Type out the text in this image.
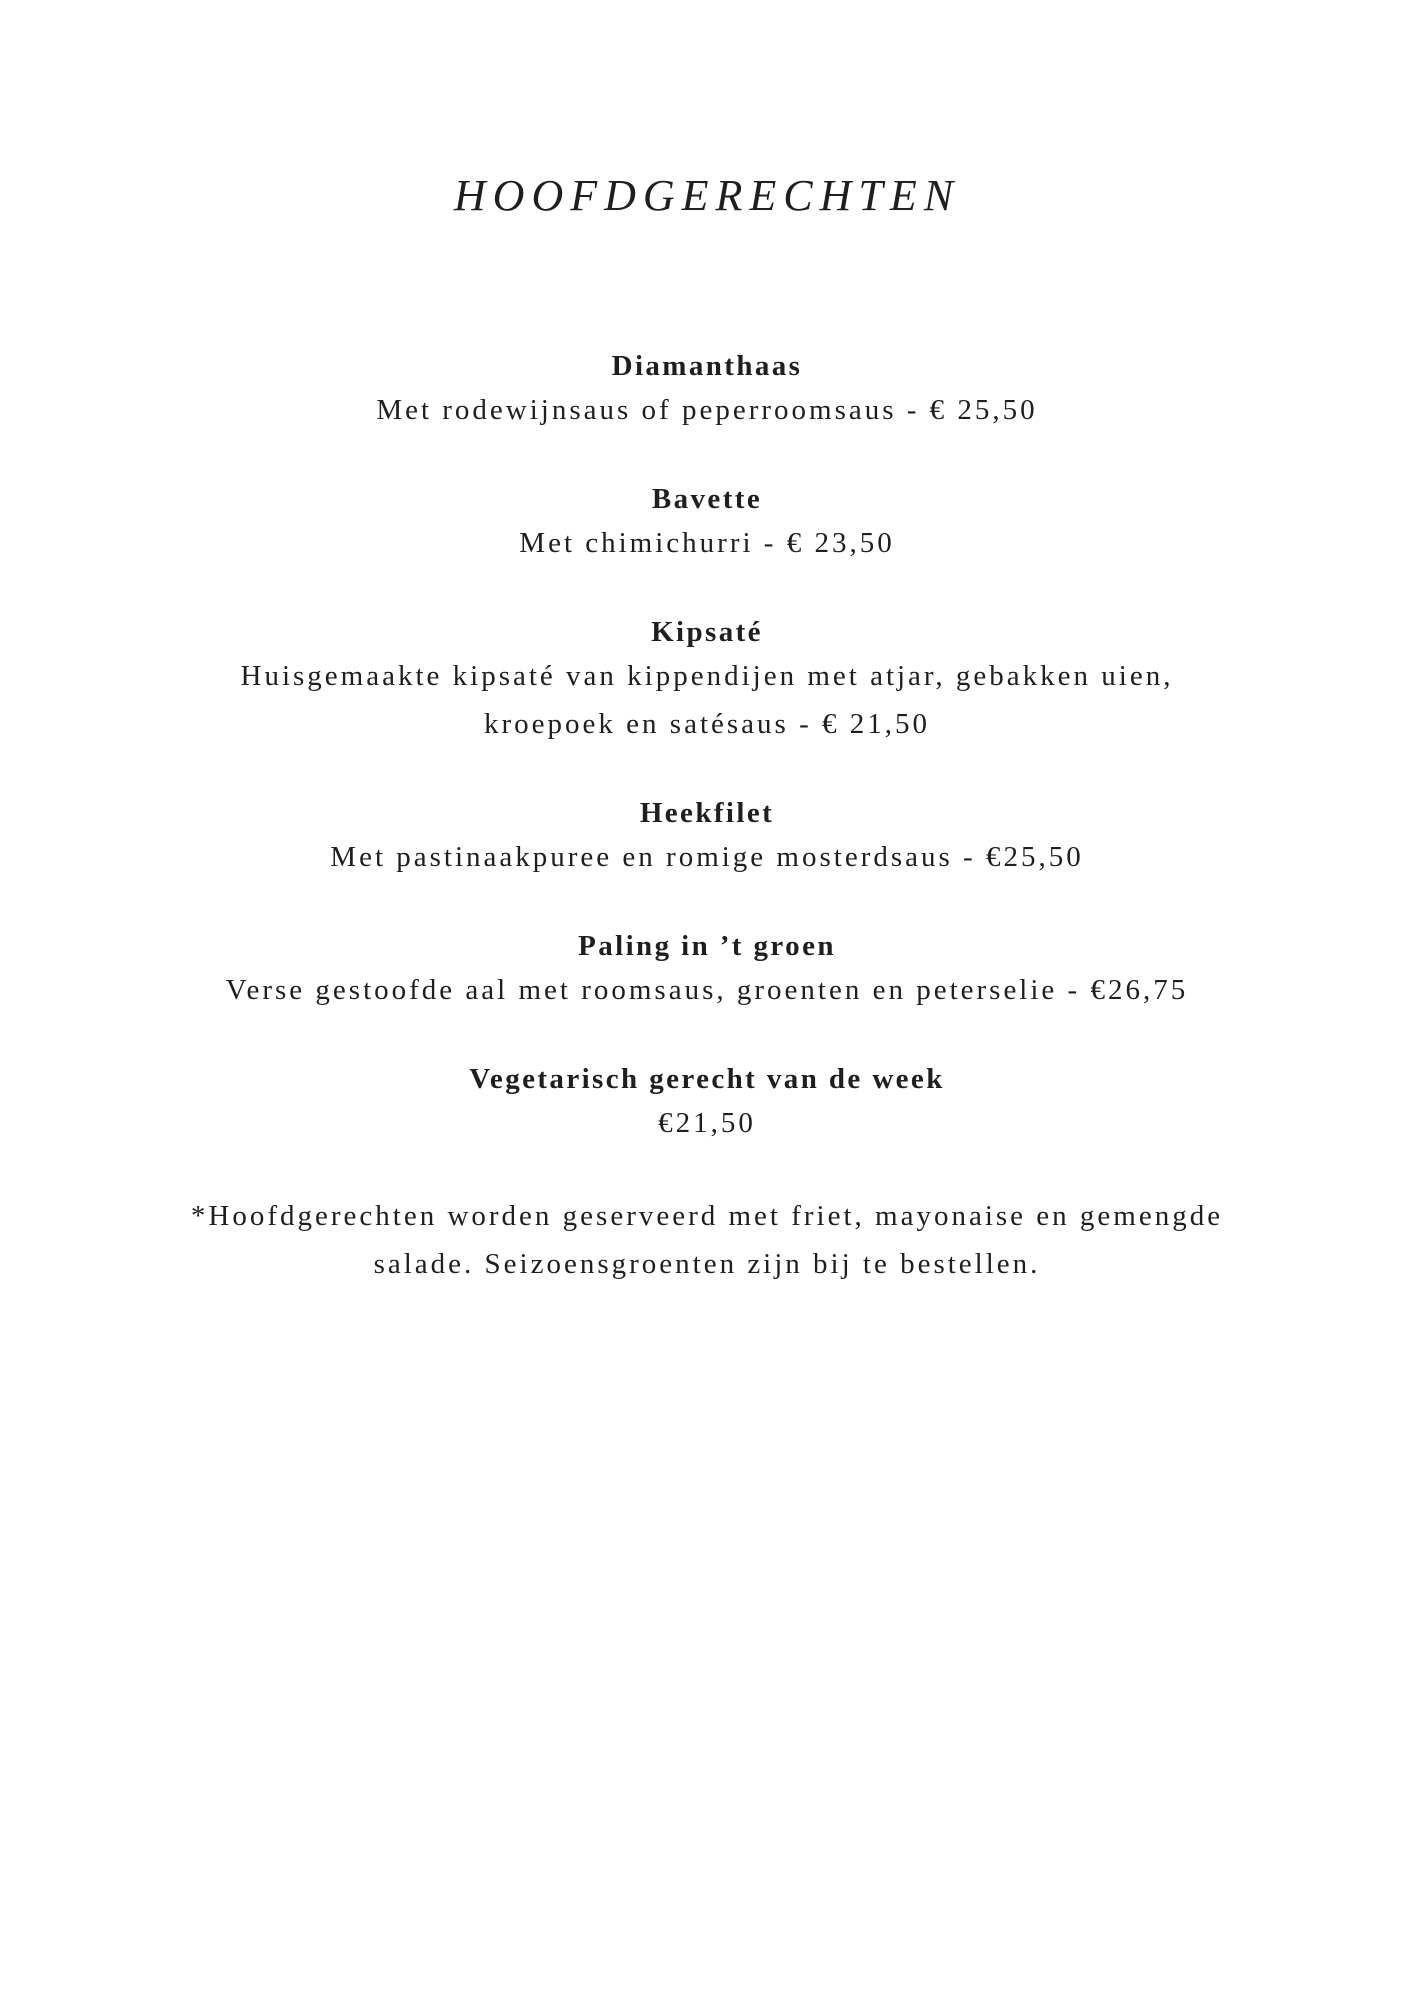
HOOFDGERECHTEN

Diamanthaas

Met rodewijnsaus of peperroomsaus - € 25,50

Bavette

Met chimichurri - € 23,50

Kipsaté

Huisgemaakte kipsaté van kippendijen met atjar, gebakken uien,
kroepoek en satésaus - € 21,50

Heekfilet

Met pastinaakpuree en romige mosterdsaus - €25,50

Paling in ’t groen

Verse gestoofde aal met roomsaus, groenten en peterselie - €26,75

Vegetarisch gerecht van de week

€21,50

*Hoofdgerechten worden geserveerd met friet, mayonaise en gemengde
salade. Seizoensgroenten zijn bij te bestellen.
